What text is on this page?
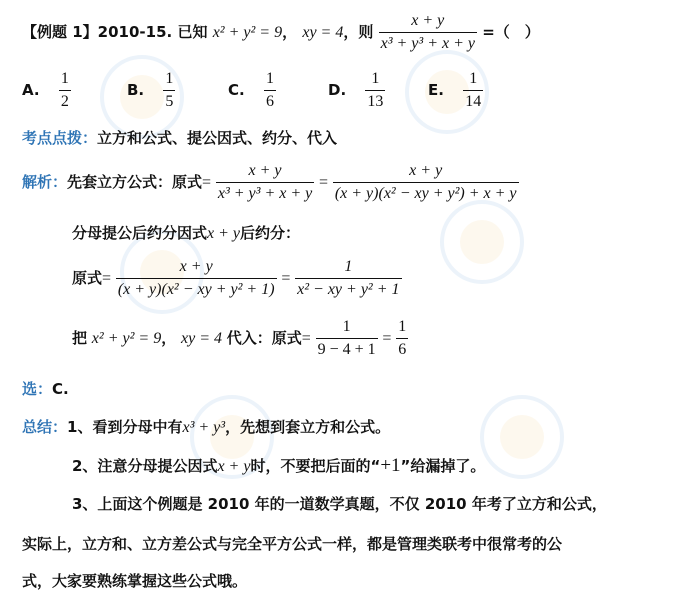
【例题 1】2010-15. 已知 x² + y² = 9， xy = 4，则 $\frac{x + y}{\text{x³ + y³ + x + y}}$ =（　）
A. $\frac{1}{2}$	B. $\frac{1}{5}$	C. $\frac{1}{6}$	D. $\frac{1}{13}$	E. $\frac{1}{14}$
考点点拨：立方和公式、提公因式、约分、代入
解析：先套立方公式：原式= $\frac{x + y}{\text{x³ + y³ + x + y}} = \frac{x + y}{\text{(x + y)(x² − xy + y²) + x + y}}$
分母提公后约分因式x + y后约分：
原式= $\frac{x + y}{\text{(x + y)(x² − xy + y² + 1)}} = \frac{1}{\text{x² − xy + y² + 1}}$
把 x² + y² = 9， xy = 4 代入：原式= $\frac{1}{9 - 4 + 1} = \frac{1}{6}$
选：C.
总结：1、看到分母中有x³ + y³，先想到套立方和公式。
2、注意分母提公因式x + y时，不要把后面的“+1”给漏掉了。
3、上面这个例题是 2010 年的一道数学真题，不仅 2010 年考了立方和公式，
实际上，立方和、立方差公式与完全平方公式一样，都是管理类联考中很常考的公
式，大家要熟练掌握这些公式哦。
